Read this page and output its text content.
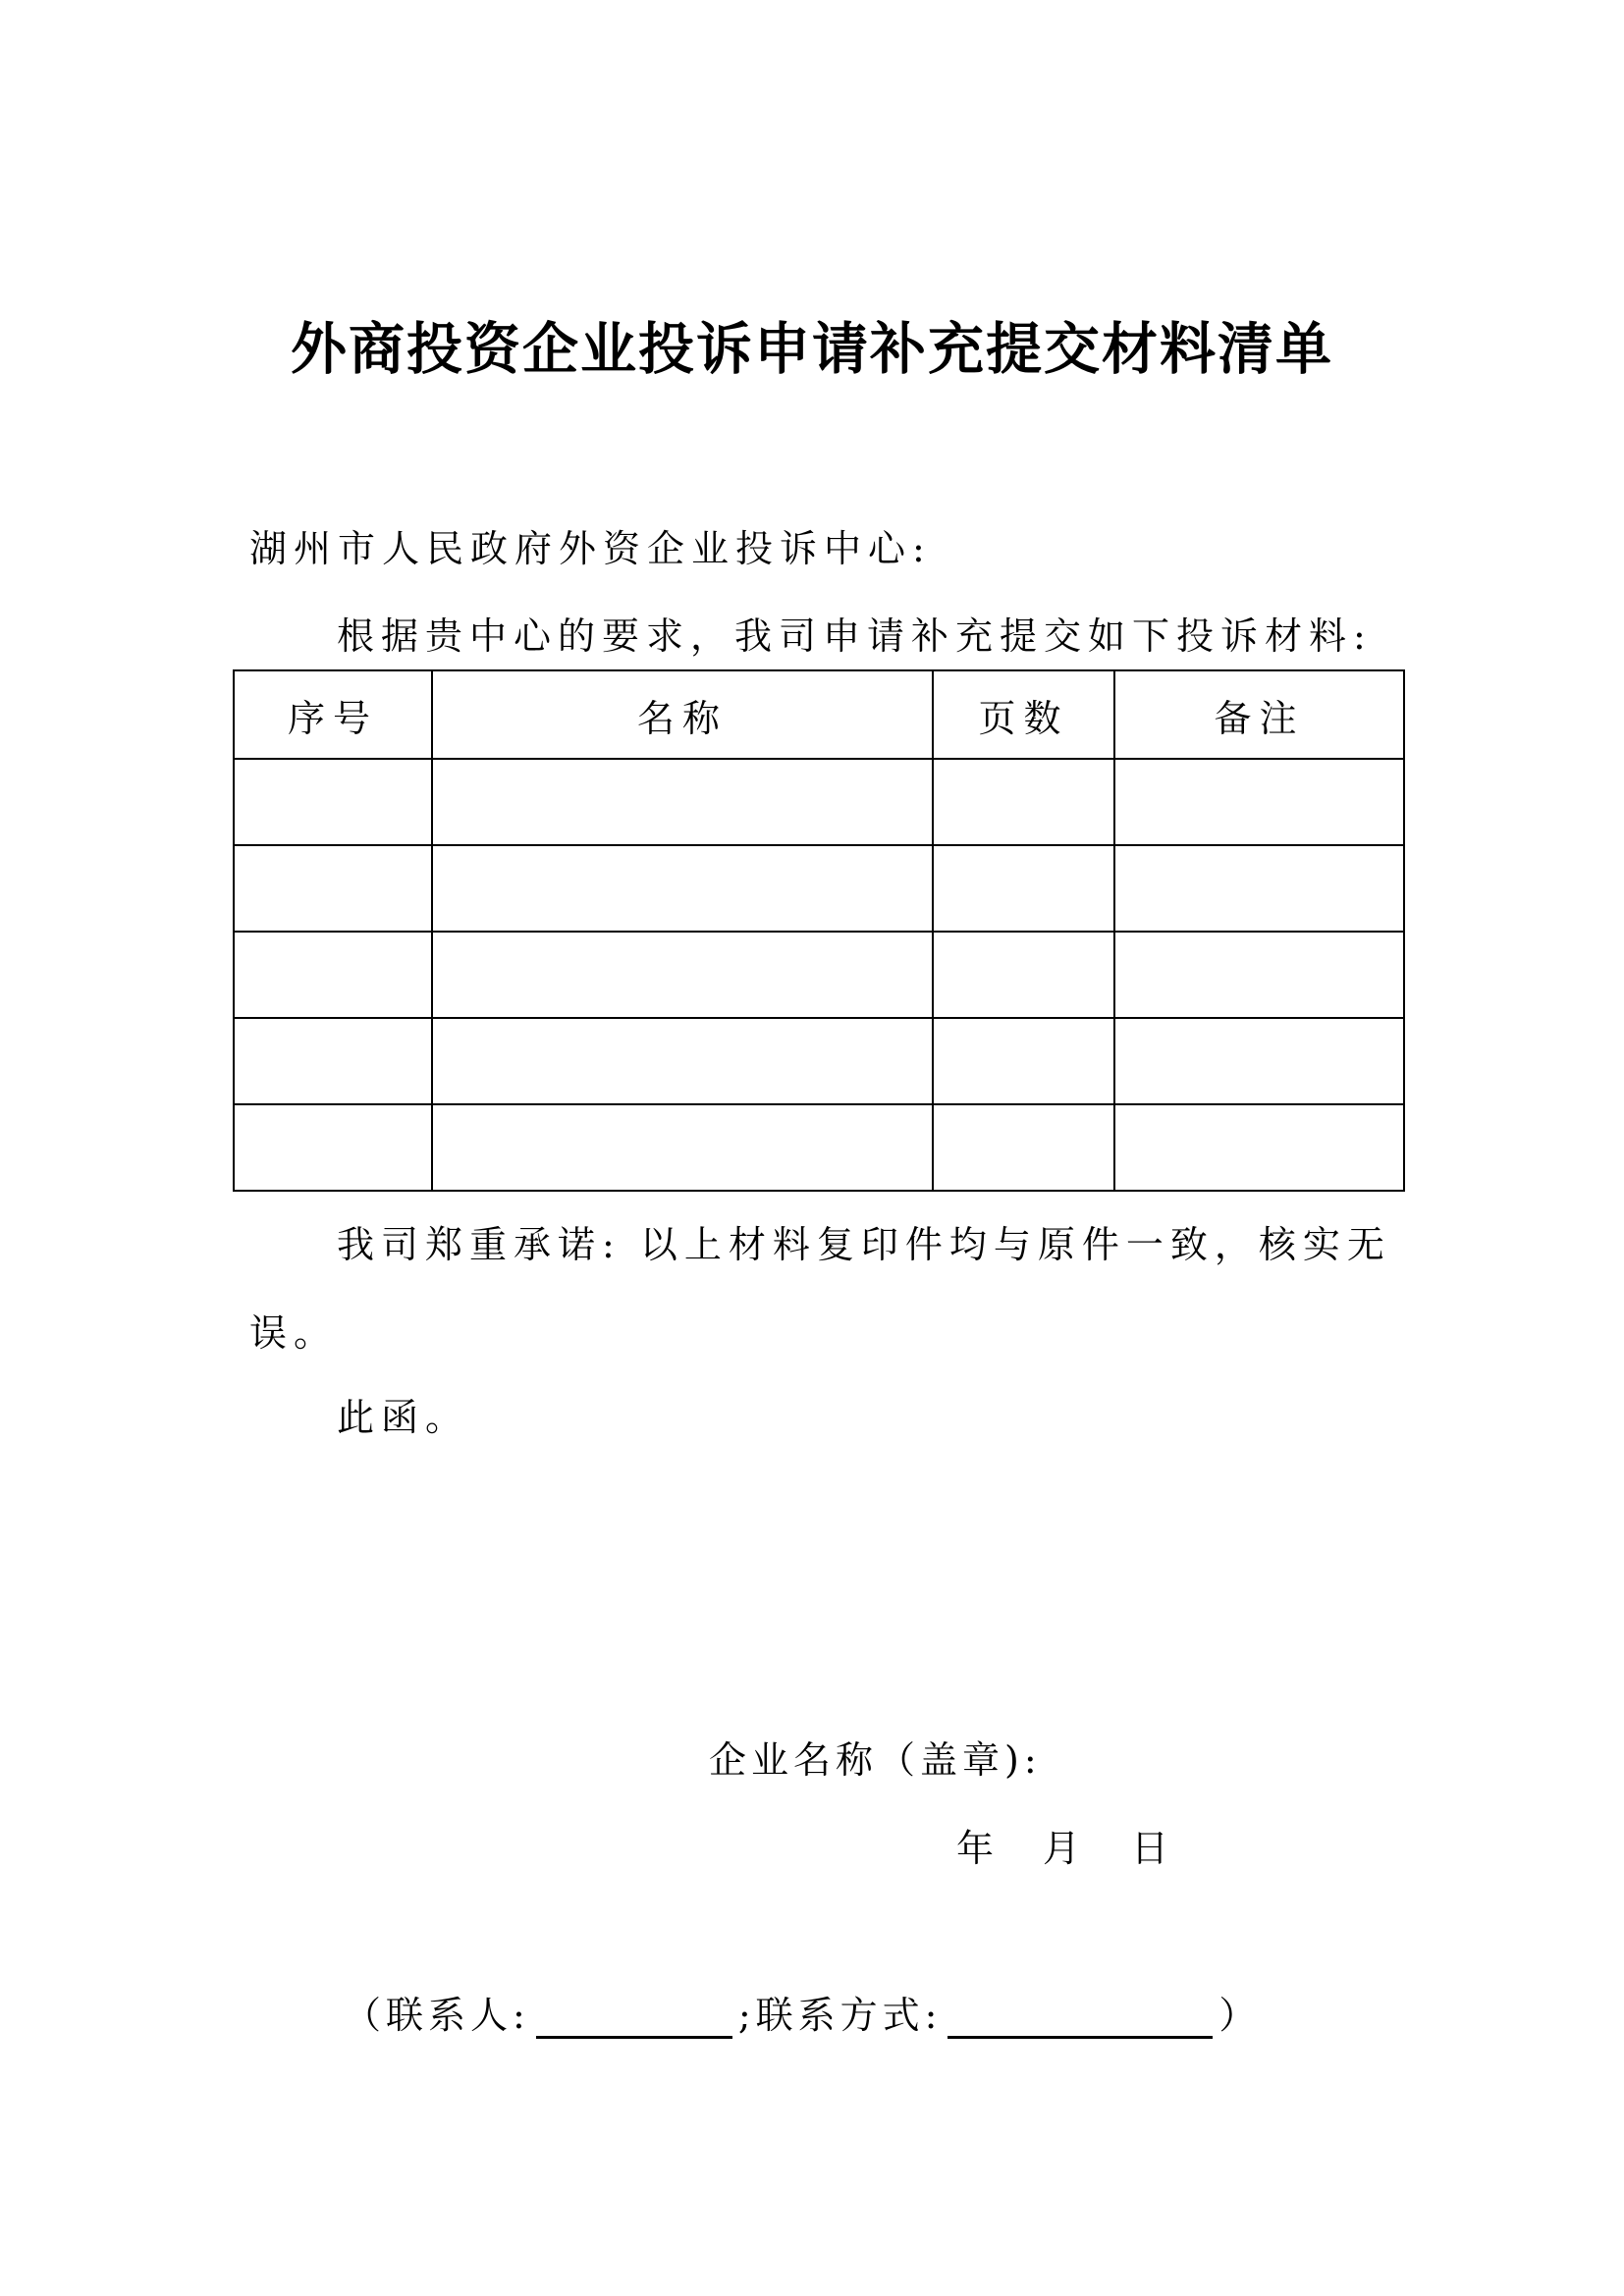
外商投资企业投诉申请补充提交材料清单
湖州市人民政府外资企业投诉中心:
根据贵中心的要求，我司申请补充提交如下投诉材料:
序号	名称	页数	备注

我司郑重承诺: 以上材料复印件均与原件一致，核实无
误。
此函。
企业名称（盖章):
年 月 日
（联系人:	;联系方式:	）
